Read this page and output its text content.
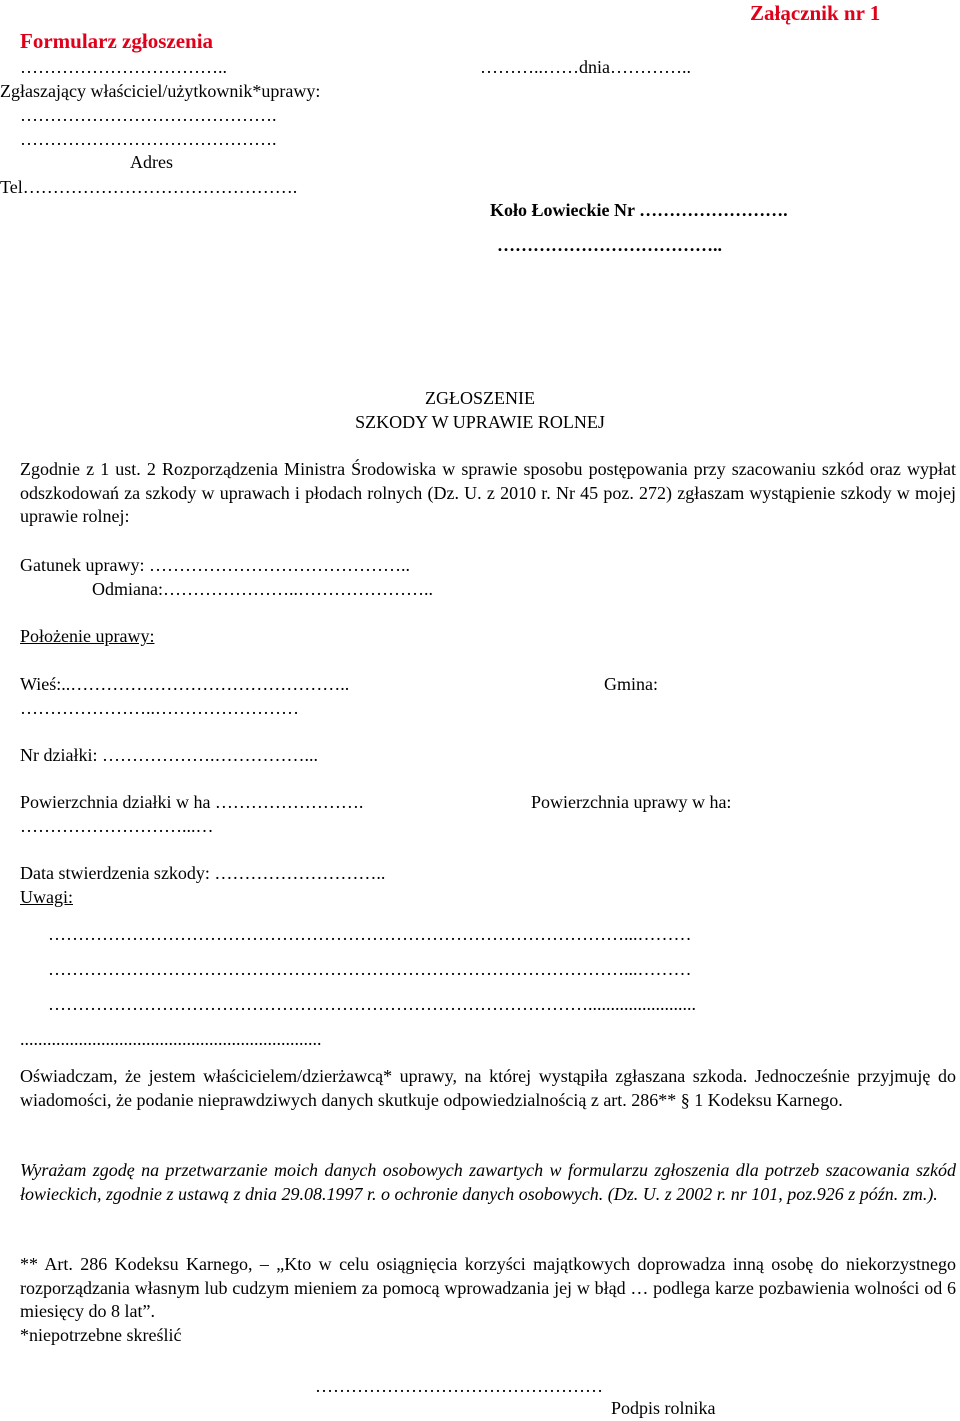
Załącznik nr 1
Formularz zgłoszenia
……………………………..	………..……dnia…………..
Zgłaszający właściciel/użytkownik*uprawy:
…………………………………….
…………………………………….
Adres
Tel……………………………………….
Koło Łowieckie Nr …………………….
………………………………..
ZGŁOSZENIE
SZKODY W UPRAWIE ROLNEJ
Zgodnie z 1 ust. 2 Rozporządzenia Ministra Środowiska w sprawie sposobu postępowania przy szacowaniu szkód oraz wypłat odszkodowań za szkody w uprawach i płodach rolnych (Dz. U. z 2010 r. Nr 45 poz. 272) zgłaszam wystąpienie szkody w mojej uprawie rolnej:
Gatunek uprawy: ……………………………………..
Odmiana:…………………..…………………..
Położenie uprawy:
Wieś:..………………………………………..	Gmina:
…………………..……………………
Nr działki: ……………….……………...
Powierzchnia działki w ha …………………….	Powierzchnia uprawy w ha:
………………………...…
Data stwierdzenia szkody: ………………………..
Uwagi:
……………………………………………………………………………………...………
……………………………………………………………………………………...………
………………………………………………………………………………........................
...................................................................
Oświadczam, że jestem właścicielem/dzierżawcą* uprawy, na której wystąpiła zgłaszana szkoda. Jednocześnie przyjmuję do wiadomości, że podanie nieprawdziwych danych skutkuje odpowiedzialnością z art. 286** § 1 Kodeksu Karnego.
Wyrażam zgodę na przetwarzanie moich danych osobowych zawartych w formularzu zgłoszenia dla potrzeb szacowania szkód łowieckich, zgodnie z ustawą z dnia 29.08.1997 r. o ochronie danych osobowych. (Dz. U. z 2002 r. nr 101, poz.926 z późn. zm.).
** Art. 286 Kodeksu Karnego, – „Kto w celu osiągnięcia korzyści majątkowych doprowadza inną osobę do niekorzystnego rozporządzania własnym lub cudzym mieniem za pomocą wprowadzania jej w błąd … podlega karze pozbawienia wolności od 6 miesięcy do 8 lat”.
*niepotrzebne skreślić
…………………………………………
Podpis rolnika
